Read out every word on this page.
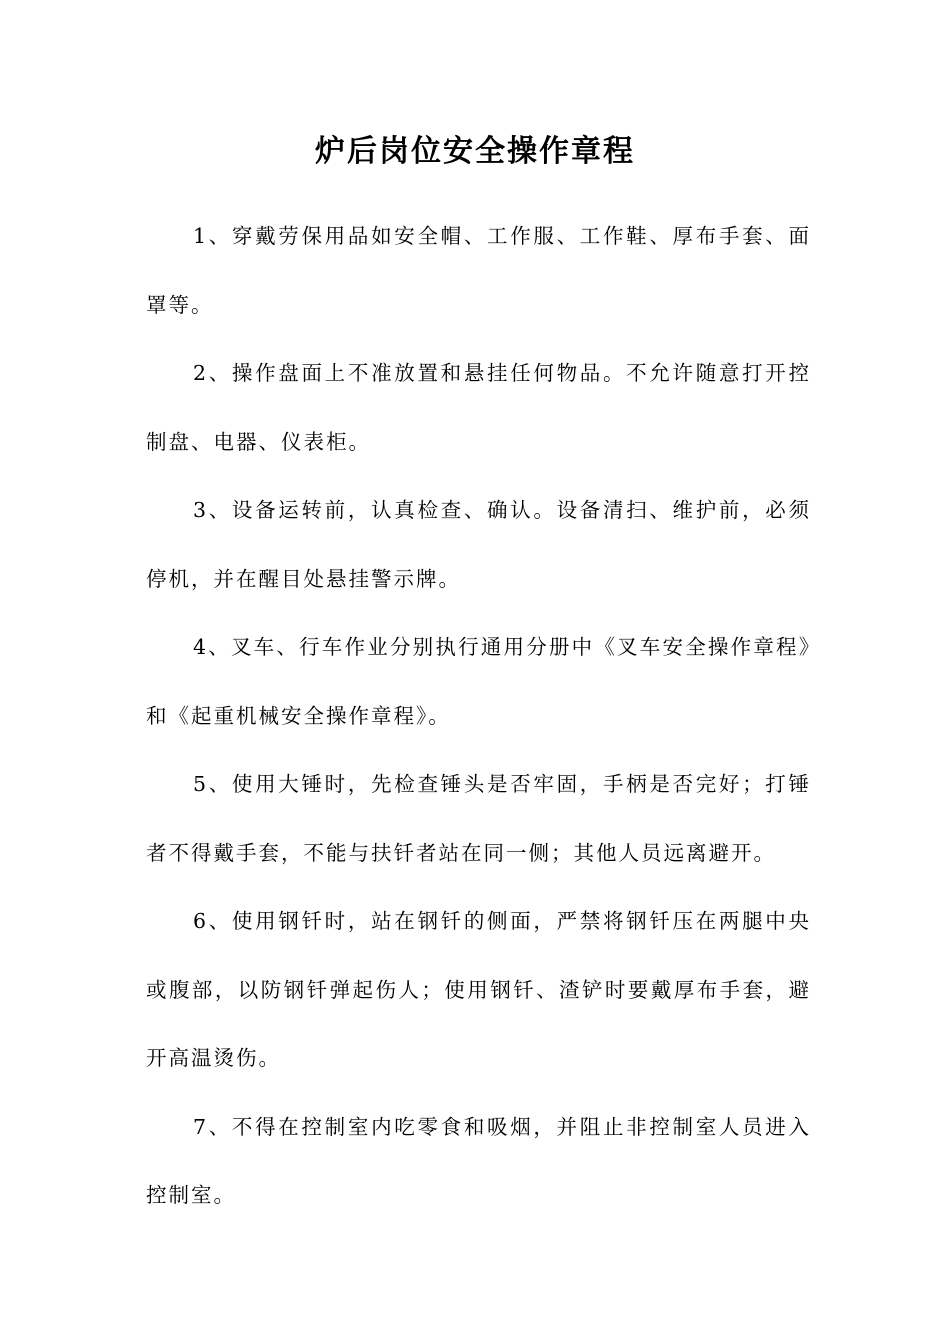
炉后岗位安全操作章程

1、穿戴劳保用品如安全帽、工作服、工作鞋、厚布手套、面罩等。

2、操作盘面上不准放置和悬挂任何物品。不允许随意打开控制盘、电器、仪表柜。

3、设备运转前，认真检查、确认。设备清扫、维护前，必须停机，并在醒目处悬挂警示牌。

4、叉车、行车作业分别执行通用分册中《叉车安全操作章程》和《起重机械安全操作章程》。

5、使用大锤时，先检查锤头是否牢固，手柄是否完好；打锤者不得戴手套，不能与扶钎者站在同一侧；其他人员远离避开。

6、使用钢钎时，站在钢钎的侧面，严禁将钢钎压在两腿中央或腹部，以防钢钎弹起伤人；使用钢钎、渣铲时要戴厚布手套，避开高温烫伤。

7、不得在控制室内吃零食和吸烟，并阻止非控制室人员进入控制室。
